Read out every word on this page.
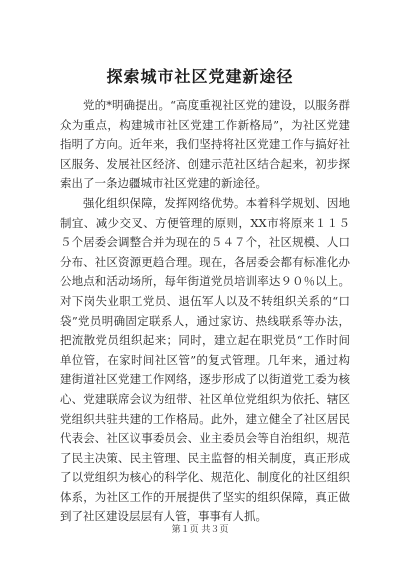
探索城市社区党建新途径

党的*明确提出。“高度重视社区党的建设，以服务群众为重点，构建城市社区党建工作新格局”，为社区党建指明了方向。近年来，我们坚持将社区党建工作与搞好社区服务、发展社区经济、创建示范社区结合起来，初步探索出了一条边疆城市社区党建的新途径。

强化组织保障，发挥网络优势。本着科学规划、因地制宜、减少交叉、方便管理的原则，XX市将原来１１５５个居委会调整合并为现在的５４７个，社区规模、人口分布、社区资源更趋合理。现在，各居委会都有标准化办公地点和活动场所，每年街道党员培训率达９０％以上。对下岗失业职工党员、退伍军人以及不转组织关系的“口袋”党员明确固定联系人，通过家访、热线联系等办法，把流散党员组织起来；同时，建立起在职党员“工作时间单位管，在家时间社区管”的复式管理。几年来，通过构建街道社区党建工作网络，逐步形成了以街道党工委为核心、党建联席会议为纽带、社区单位党组织为依托、辖区党组织共驻共建的工作格局。此外，建立健全了社区居民代表会、社区议事委员会、业主委员会等自治组织，规范了民主决策、民主管理、民主监督的相关制度，真正形成了以党组织为核心的科学化、规范化、制度化的社区组织体系，为社区工作的开展提供了坚实的组织保障，真正做到了社区建设层层有人管，事事有人抓。

第１页 共３页
